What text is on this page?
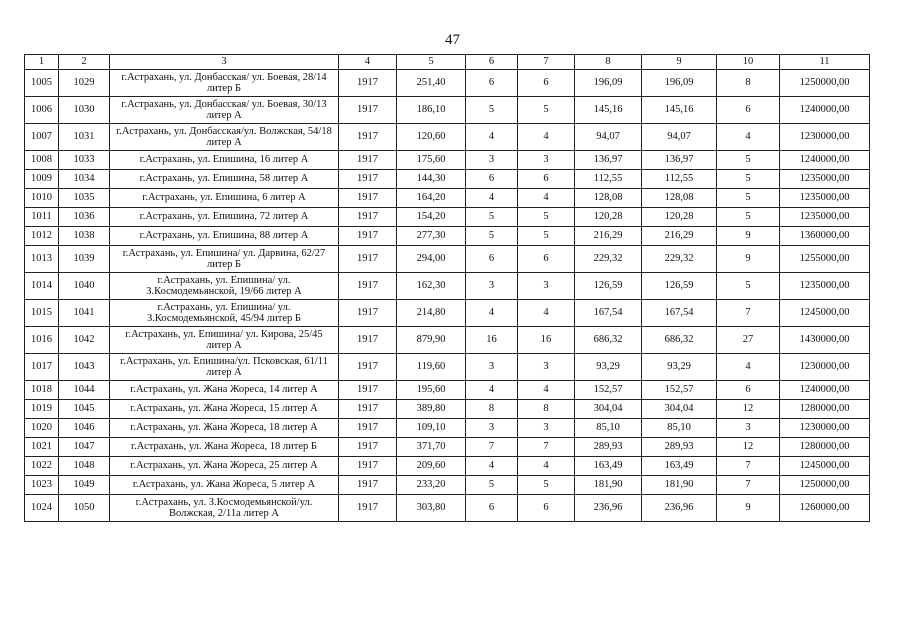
47
1	2	3	4	5	6	7	8	9	10	11
1005	1029	г.Астрахань, ул. Донбасская/ ул. Боевая, 28/14 литер Б	1917	251,40	6	6	196,09	196,09	8	1250000,00
1006	1030	г.Астрахань, ул. Донбасская/ ул. Боевая, 30/13 литер А	1917	186,10	5	5	145,16	145,16	6	1240000,00
1007	1031	г.Астрахань, ул. Донбасская/ул. Волжская, 54/18 литер А	1917	120,60	4	4	94,07	94,07	4	1230000,00
1008	1033	г.Астрахань, ул. Епишина, 16 литер А	1917	175,60	3	3	136,97	136,97	5	1240000,00
1009	1034	г.Астрахань, ул. Епишина, 58 литер А	1917	144,30	6	6	112,55	112,55	5	1235000,00
1010	1035	г.Астрахань, ул. Епишина, 6 литер А	1917	164,20	4	4	128,08	128,08	5	1235000,00
1011	1036	г.Астрахань, ул. Епишина, 72 литер А	1917	154,20	5	5	120,28	120,28	5	1235000,00
1012	1038	г.Астрахань, ул. Епишина, 88 литер А	1917	277,30	5	5	216,29	216,29	9	1360000,00
1013	1039	г.Астрахань, ул. Епишина/ ул. Дарвина, 62/27 литер Б	1917	294,00	6	6	229,32	229,32	9	1255000,00
1014	1040	г.Астрахань, ул. Епишина/ ул. З.Космодемьянской, 19/66 литер А	1917	162,30	3	3	126,59	126,59	5	1235000,00
1015	1041	г.Астрахань, ул. Епишина/ ул. З.Космодемьянской, 45/94 литер Б	1917	214,80	4	4	167,54	167,54	7	1245000,00
1016	1042	г.Астрахань, ул. Епишина/ ул. Кирова, 25/45 литер А	1917	879,90	16	16	686,32	686,32	27	1430000,00
1017	1043	г.Астрахань, ул. Епишина/ул. Псковская, 61/11 литер А	1917	119,60	3	3	93,29	93,29	4	1230000,00
1018	1044	г.Астрахань, ул. Жана Жореса, 14 литер А	1917	195,60	4	4	152,57	152,57	6	1240000,00
1019	1045	г.Астрахань, ул. Жана Жореса, 15 литер А	1917	389,80	8	8	304,04	304,04	12	1280000,00
1020	1046	г.Астрахань, ул. Жана Жореса, 18 литер А	1917	109,10	3	3	85,10	85,10	3	1230000,00
1021	1047	г.Астрахань, ул. Жана Жореса, 18 литер Б	1917	371,70	7	7	289,93	289,93	12	1280000,00
1022	1048	г.Астрахань, ул. Жана Жореса, 25 литер А	1917	209,60	4	4	163,49	163,49	7	1245000,00
1023	1049	г.Астрахань, ул. Жана Жореса, 5 литер А	1917	233,20	5	5	181,90	181,90	7	1250000,00
1024	1050	г.Астрахань, ул. З.Космодемьянской/ул. Волжская, 2/11а литер А	1917	303,80	6	6	236,96	236,96	9	1260000,00
